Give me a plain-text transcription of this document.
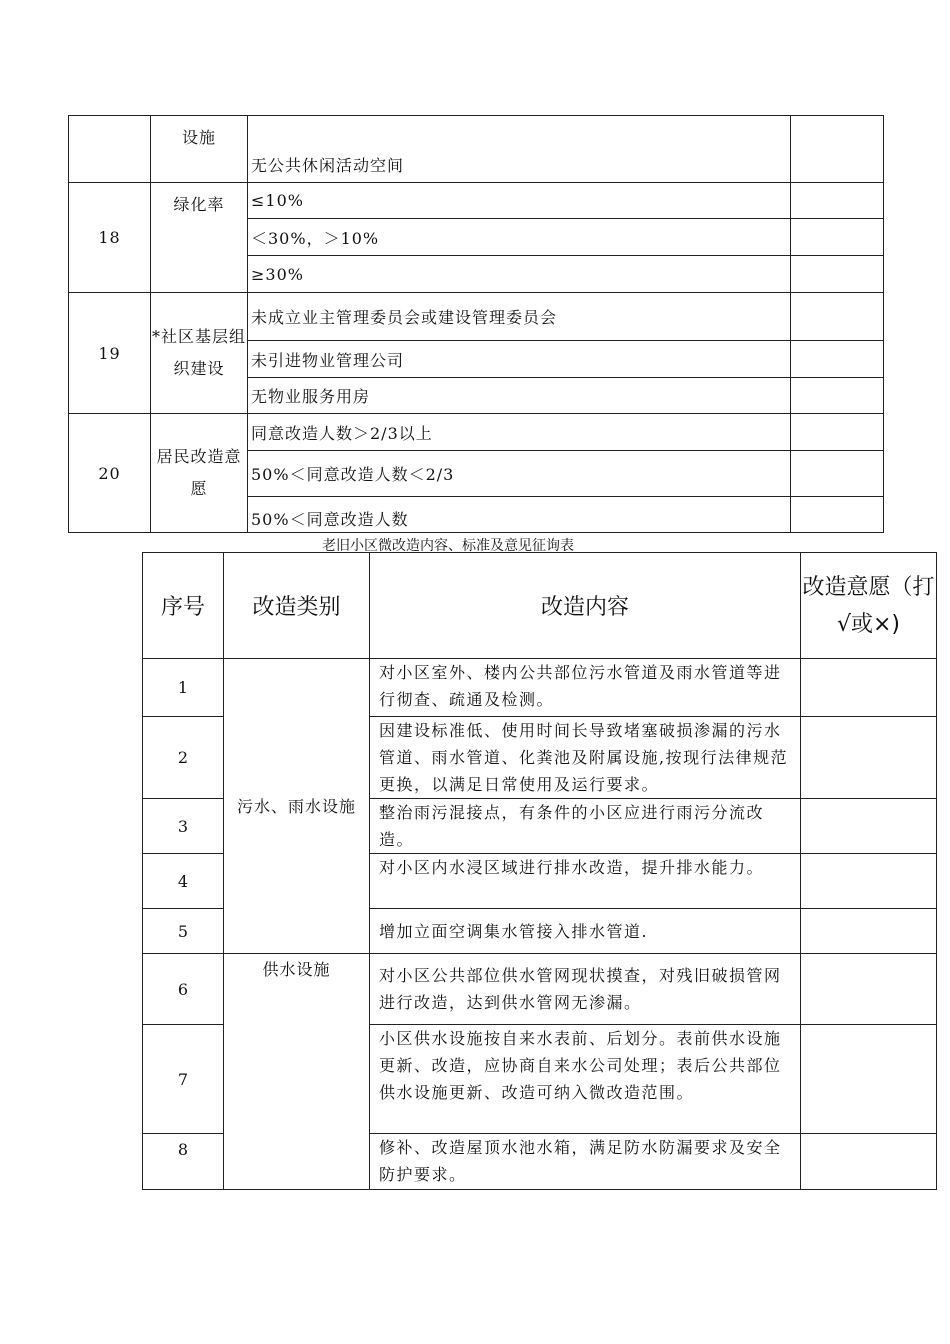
	设施	无公共休闲活动空间	
18	绿化率	≤10%	
		＜30%，＞10%	
		≥30%	
19	*社区基层组织建设	未成立业主管理委员会或建设管理委员会	
		未引进物业管理公司	
		无物业服务用房	
20	居民改造意愿	同意改造人数＞2/3以上	
		50%＜同意改造人数＜2/3	
		50%＜同意改造人数	
老旧小区微改造内容、标准及意见征询表
序号	改造类别	改造内容	改造意愿（打√或×)
1	污水、雨水设施	对小区室外、楼内公共部位污水管道及雨水管道等进行彻查、疏通及检测。	
2		因建设标准低、使用时间长导致堵塞破损渗漏的污水管道、雨水管道、化粪池及附属设施,按现行法律规范更换，以满足日常使用及运行要求。	
3		整治雨污混接点，有条件的小区应进行雨污分流改造。	
4		对小区内水浸区域进行排水改造，提升排水能力。	
5		增加立面空调集水管接入排水管道.	
6	供水设施	对小区公共部位供水管网现状摸查，对残旧破损管网进行改造，达到供水管网无渗漏。	
7		小区供水设施按自来水表前、后划分。表前供水设施更新、改造，应协商自来水公司处理；表后公共部位供水设施更新、改造可纳入微改造范围。	
8		修补、改造屋顶水池水箱，满足防水防漏要求及安全防护要求。	
